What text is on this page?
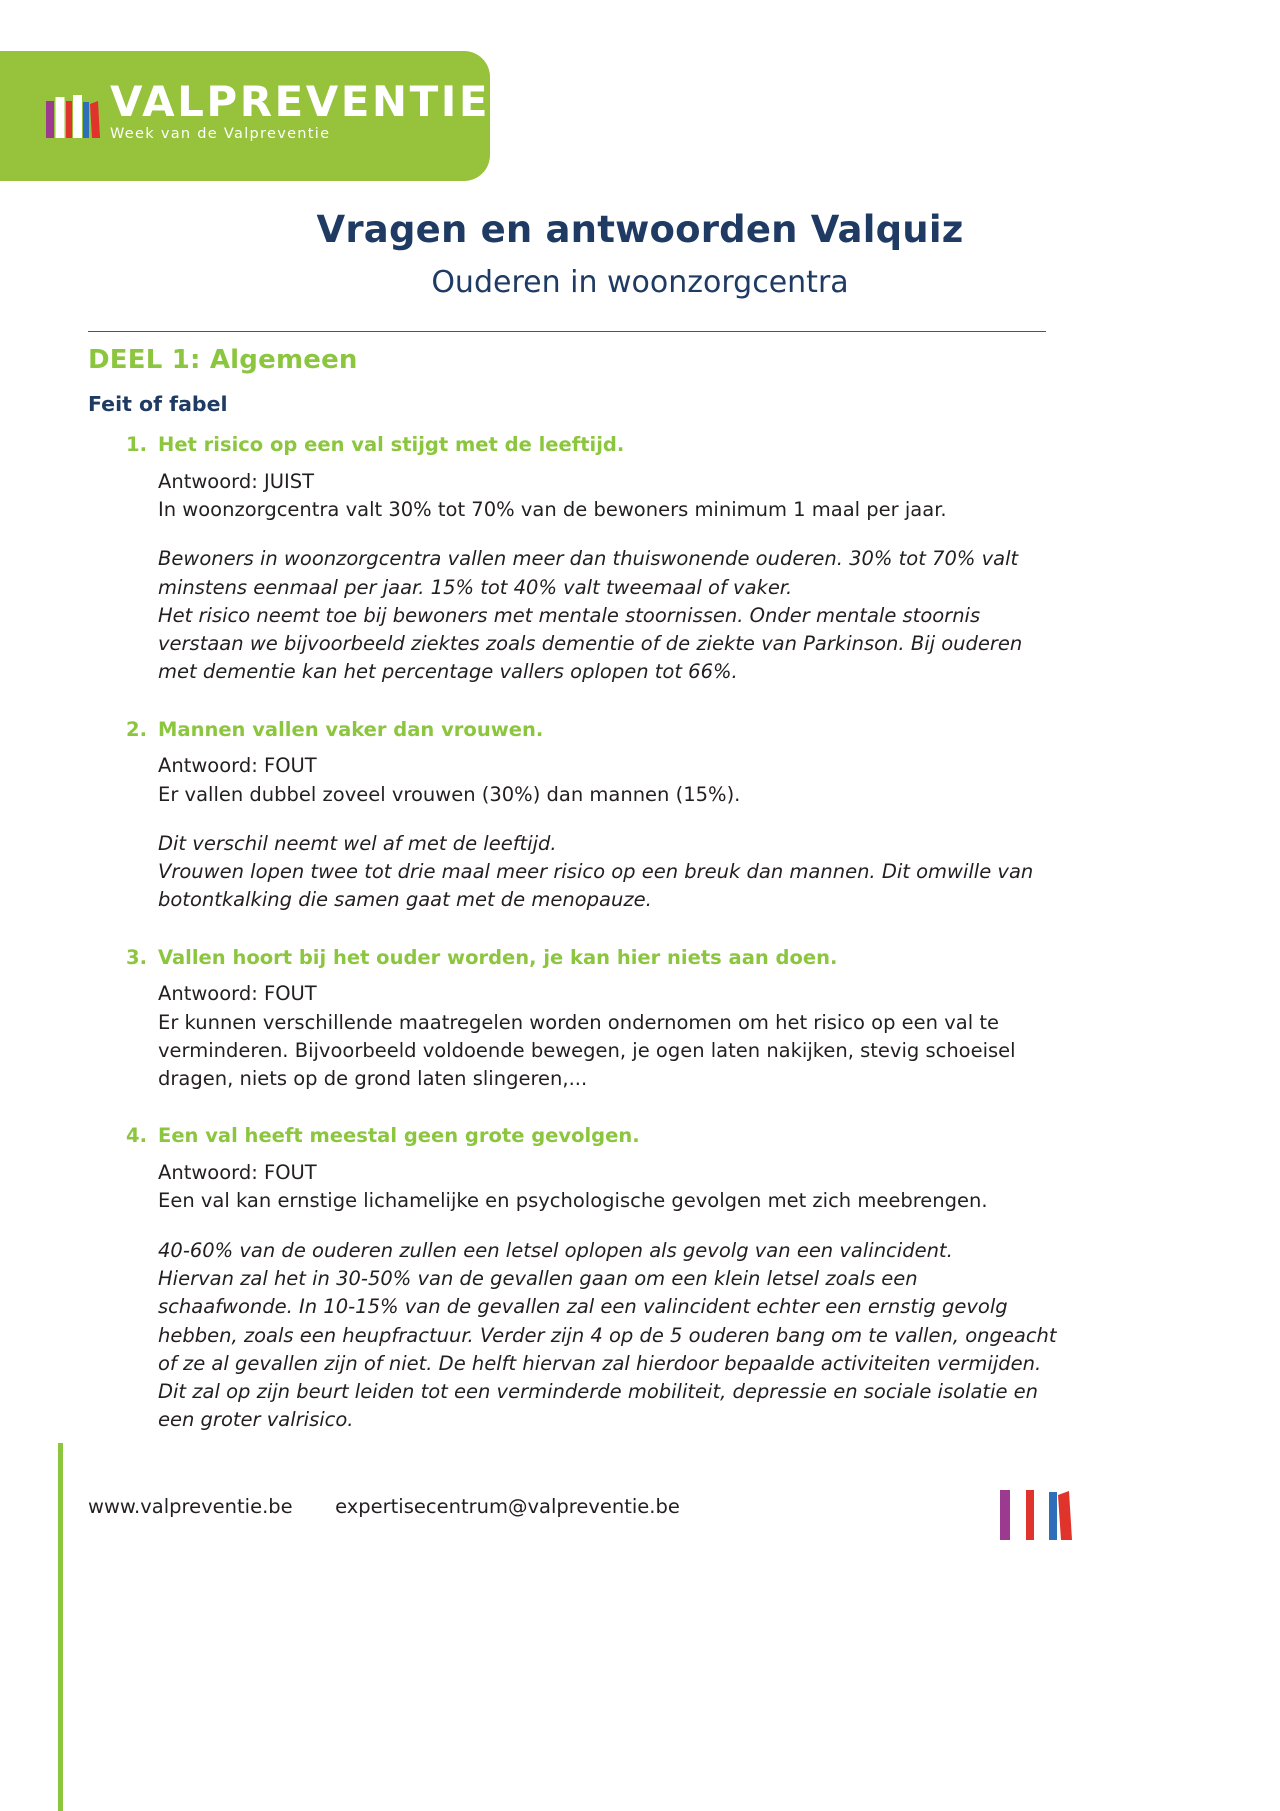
VALPREVENTIE.be
Week van de Valpreventie
Vragen en antwoorden Valquiz
Ouderen in woonzorgcentra
DEEL 1: Algemeen
Feit of fabel
1. Het risico op een val stijgt met de leeftijd.

Antwoord: JUIST

In woonzorgcentra valt 30% tot 70% van de bewoners minimum 1 maal per jaar.

Bewoners in woonzorgcentra vallen meer dan thuiswonende ouderen. 30% tot 70% valt minstens eenmaal per jaar. 15% tot 40% valt tweemaal of vaker.

Het risico neemt toe bij bewoners met mentale stoornissen. Onder mentale stoornis verstaan we bijvoorbeeld ziektes zoals dementie of de ziekte van Parkinson. Bij ouderen met dementie kan het percentage vallers oplopen tot 66%.

2. Mannen vallen vaker dan vrouwen.

Antwoord: FOUT

Er vallen dubbel zoveel vrouwen (30%) dan mannen (15%).

Dit verschil neemt wel af met de leeftijd.

Vrouwen lopen twee tot drie maal meer risico op een breuk dan mannen. Dit omwille van botontkalking die samen gaat met de menopauze.

3. Vallen hoort bij het ouder worden, je kan hier niets aan doen.

Antwoord: FOUT

Er kunnen verschillende maatregelen worden ondernomen om het risico op een val te verminderen. Bijvoorbeeld voldoende bewegen, je ogen laten nakijken, stevig schoeisel dragen, niets op de grond laten slingeren,...

4. Een val heeft meestal geen grote gevolgen.

Antwoord: FOUT

Een val kan ernstige lichamelijke en psychologische gevolgen met zich meebrengen.

40-60% van de ouderen zullen een letsel oplopen als gevolg van een valincident.

Hiervan zal het in 30-50% van de gevallen gaan om een klein letsel zoals een schaafwonde. In 10-15% van de gevallen zal een valincident echter een ernstig gevolg hebben, zoals een heupfractuur. Verder zijn 4 op de 5 ouderen bang om te vallen, ongeacht of ze al gevallen zijn of niet. De helft hiervan zal hierdoor bepaalde activiteiten vermijden. Dit zal op zijn beurt leiden tot een verminderde mobiliteit, depressie en sociale isolatie en een groter valrisico.

www.valpreventie.be expertisecentrum@valpreventie.be
